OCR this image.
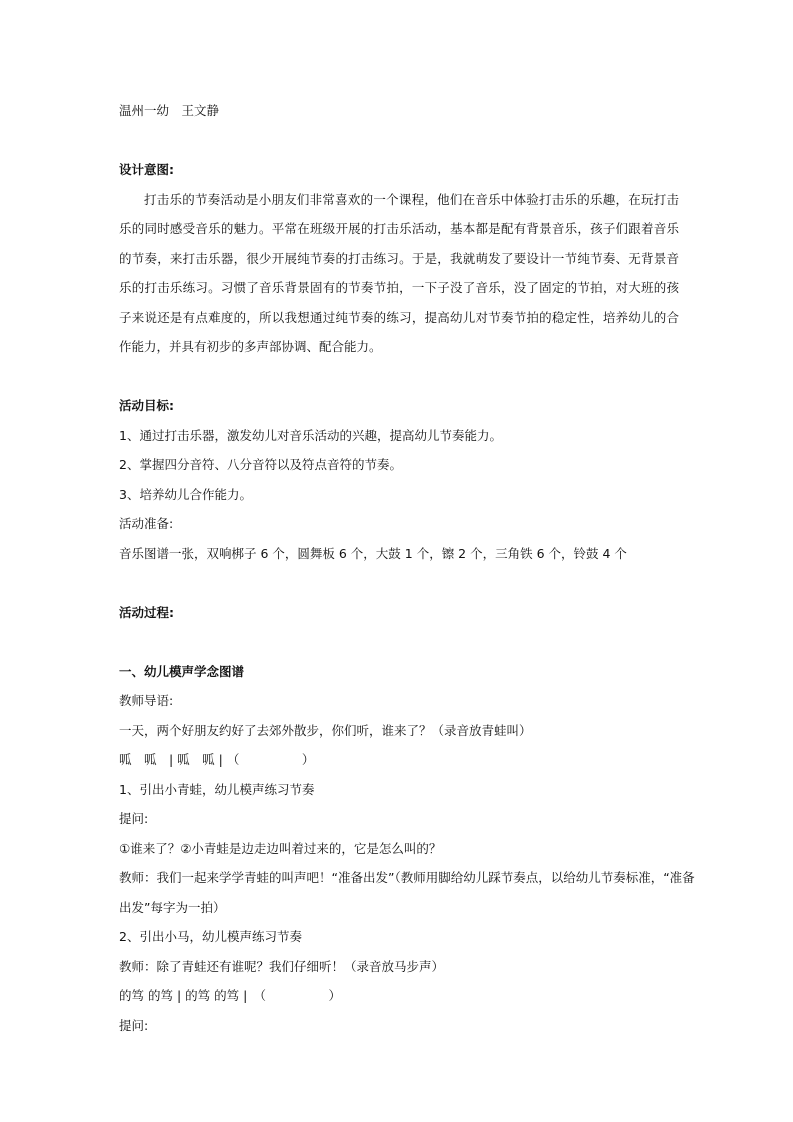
温州一幼　王文静
设计意图:
打击乐的节奏活动是小朋友们非常喜欢的一个课程，他们在音乐中体验打击乐的乐趣，在玩打击乐的同时感受音乐的魅力。平常在班级开展的打击乐活动，基本都是配有背景音乐，孩子们跟着音乐的节奏，来打击乐器，很少开展纯节奏的打击练习。于是，我就萌发了要设计一节纯节奏、无背景音乐的打击乐练习。习惯了音乐背景固有的节奏节拍，一下子没了音乐，没了固定的节拍，对大班的孩子来说还是有点难度的，所以我想通过纯节奏的练习，提高幼儿对节奏节拍的稳定性，培养幼儿的合作能力，并具有初步的多声部协调、配合能力。
活动目标:
1、通过打击乐器，激发幼儿对音乐活动的兴趣，提高幼儿节奏能力。
2、掌握四分音符、八分音符以及符点音符的节奏。
3、培养幼儿合作能力。
活动准备:
音乐图谱一张，双响梆子 6 个，圆舞板 6 个，大鼓 1 个，镲 2 个，三角铁 6 个，铃鼓 4 个
活动过程:
一、幼儿模声学念图谱
教师导语:
一天，两个好朋友约好了去郊外散步，你们听，谁来了？（录音放青蛙叫）
呱　呱　| 呱　呱 | （　　　　　）
1、引出小青蛙，幼儿模声练习节奏
提问:
①谁来了？②小青蛙是边走边叫着过来的，它是怎么叫的？
教师：我们一起来学学青蛙的叫声吧！“准备出发”（教师用脚给幼儿踩节奏点，以给幼儿节奏标准，“准备
出发”每字为一拍）
2、引出小马，幼儿模声练习节奏
教师：除了青蛙还有谁呢？我们仔细听！（录音放马步声）
的笃 的笃 | 的笃 的笃 |　（　　　　　）
提问:
